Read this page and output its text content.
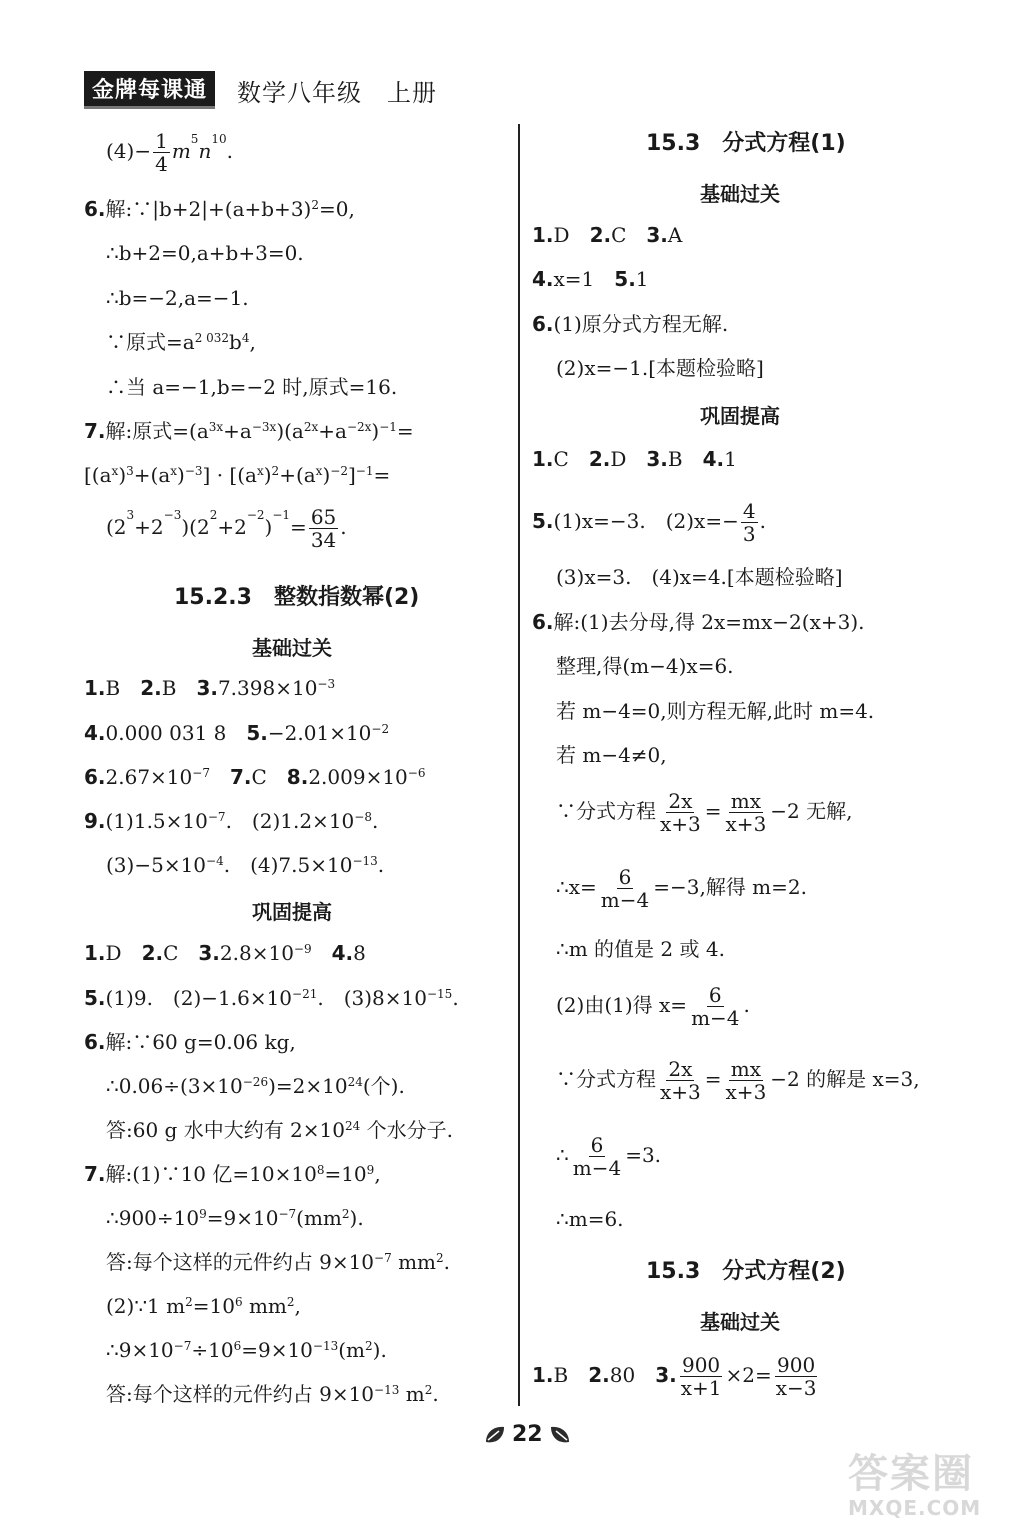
金牌每课通	数学八年级　上册
$(4)- \frac{1}{4} m^5n^{10}$.
6.解$:\because|b+2|+(a+b+3)^2=0$,
∴b+2=0,a+b+3=0.
∴b=−2,a=−1.
∵原式$=a^{2 032}b^4$,
∴当 a=−1,b=−2 时,原式=16.
7.解:原式$=(a^{3x}+a^{-3x})(a^{2x}+a^{-2x})^{-1}=$
$[(a^x)^3+(a^x)^{-3}] \cdot [(a^x)^2+(a^x)^{-2}]^{-1}=$
$(2^3+2^{-3})(2^2+2^{-2})^{-1}= \frac{65}{34}$ .
15.2.3　整数指数幂(2)
基础过关
1.B　 2.B　 $3.7.398\times 10^{-3}$
4.0.000 031 8　 $5.-2.01\times 10^{-2}$
$6.2.67\times 10^{-7}$　 7.C　 $8.2.009\times 10^{-6}$
$9.(1)1.5\times 10^{-7}$.　$(2)1.2\times 10^{-8}$.
$(3)-5\times 10^{-4}$.　$(4)7.5\times 10^{-13}$.
巩固提高
1.D　 2.C　 $3.2.8\times 10^{-9}$　 4.8
5.(1)9.　$(2)-1.6\times 10^{-21}$.　$(3)8\times 10^{-15}$.
6.解:∵60 g=0.06 kg,
$\therefore 0.06\div(3\times 10^{-26})=2\times 10^{24}$(个).
答:60 g 水中大约有 $2\times 10^{24}$ 个水分子.
7.解:(1)∵10 亿$=10\times 10^8=10^9$,
$\therefore 900\div 10^9=9\times 10^{-7}(mm^2)$.
答:每个这样的元件约占 $9\times 10^{-7}$ $mm^2$.
(2)∵1 $m^2=10^6$ $mm^2$,
$\therefore 9\times 10^{-7}\div 10^6=9\times 10^{-13}(m^2)$.
答:每个这样的元件约占 $9\times 10^{-13}$ $m^2$.
15.3　分式方程(1)
基础过关
1.D　 2.C　 3.A
4.x=1　 5.1
6.(1)原分式方程无解.
(2)x=−1.[本题检验略]
巩固提高
1.C　 2.D　 3.B　 4.1
5.(1)x=−3.　$(2)x=- \frac{4}{3}$ .
(3)x=3.　(4)x=4.[本题检验略]
6.解:(1)去分母,得 2x=mx−2(x+3).
整理,得(m−4)x=6.
若 m−4=0,则方程无解,此时 m=4.
若 m−4≠0,
∵分式方程 $\frac{2x}{x+3} = \frac{mx}{x+3} -2$ 无解,
∴x= $\frac{6}{m-4} =-3$,解得 m=2.
∴m 的值是 2 或 4.
(2)由(1)得 $x= \frac{6}{m-4}$ .
∵分式方程 $\frac{2x}{x+3} = \frac{mx}{x+3} -2$ 的解是 x=3,
∴ $\frac{6}{m-4} =3$.
∴m=6.
15.3　分式方程(2)
基础过关
1.B　 2.80　 3. $\frac{900}{x+1} \times 2= \frac{900}{x-3}$
22
答案圈
MXQE.COM
